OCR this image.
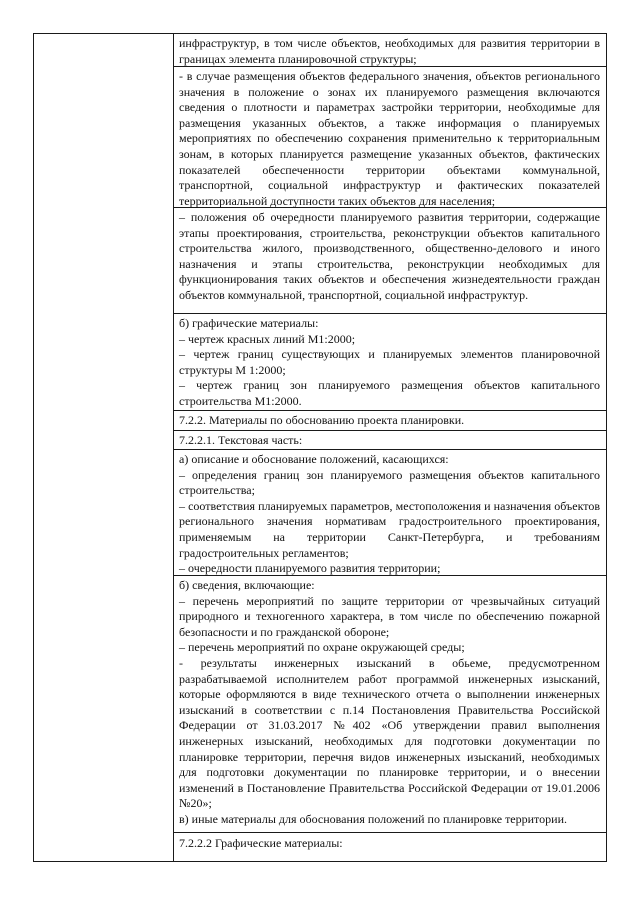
инфраструктур, в том числе объектов, необходимых для развития территории в границах элемента планировочной структуры;

- в случае размещения объектов федерального значения, объектов регионального значения в положение о зонах их планируемого размещения включаются сведения о плотности и параметрах застройки территории, необходимые для размещения указанных объектов, а также информация о планируемых мероприятиях по обеспечению сохранения применительно к территориальным зонам, в которых планируется размещение указанных объектов, фактических показателей обеспеченности территории объектами коммунальной, транспортной, социальной инфраструктур и фактических показателей территориальной доступности таких объектов для населения;

– положения об очередности планируемого развития территории, содержащие этапы проектирования, строительства, реконструкции объектов капитального строительства жилого, производственного, общественно-делового и иного назначения и этапы строительства, реконструкции необходимых для функционирования таких объектов и обеспечения жизнедеятельности граждан объектов коммунальной, транспортной, социальной инфраструктур.

б) графические материалы:

– чертеж красных линий М1:2000;

– чертеж границ существующих и планируемых элементов планировочной структуры М 1:2000;

– чертеж границ зон планируемого размещения объектов капитального строительства М1:2000.

7.2.2. Материалы по обоснованию проекта планировки.

7.2.2.1. Текстовая часть:

а) описание и обоснование положений, касающихся:

– определения границ зон планируемого размещения объектов капитального строительства;

– соответствия планируемых параметров, местоположения и назначения объектов регионального значения нормативам градостроительного проектирования, применяемым на территории Санкт-Петербурга, и требованиям градостроительных регламентов;

– очередности планируемого развития территории;

б) сведения, включающие:

– перечень мероприятий по защите территории от чрезвычайных ситуаций природного и техногенного характера, в том числе по обеспечению пожарной безопасности и по гражданской обороне;

– перечень мероприятий по охране окружающей среды;

- результаты инженерных изысканий в обьеме, предусмотренном разрабатываемой исполнителем работ программой инженерных изысканий, которые оформляются в виде технического отчета о выполнении инженерных изысканий в соответствии с п.14 Постановления Правительства Российской Федерации от 31.03.2017 №402 «Об утверждении правил выполнения инженерных изысканий, необходимых для подготовки документации по планировке территории, перечня видов инженерных изысканий, необходимых для подготовки документации по планировке территории, и о внесении изменений в Постановление Правительства Российской Федерации от 19.01.2006 №20»;

в) иные материалы для обоснования положений по планировке территории.

7.2.2.2 Графические материалы:
